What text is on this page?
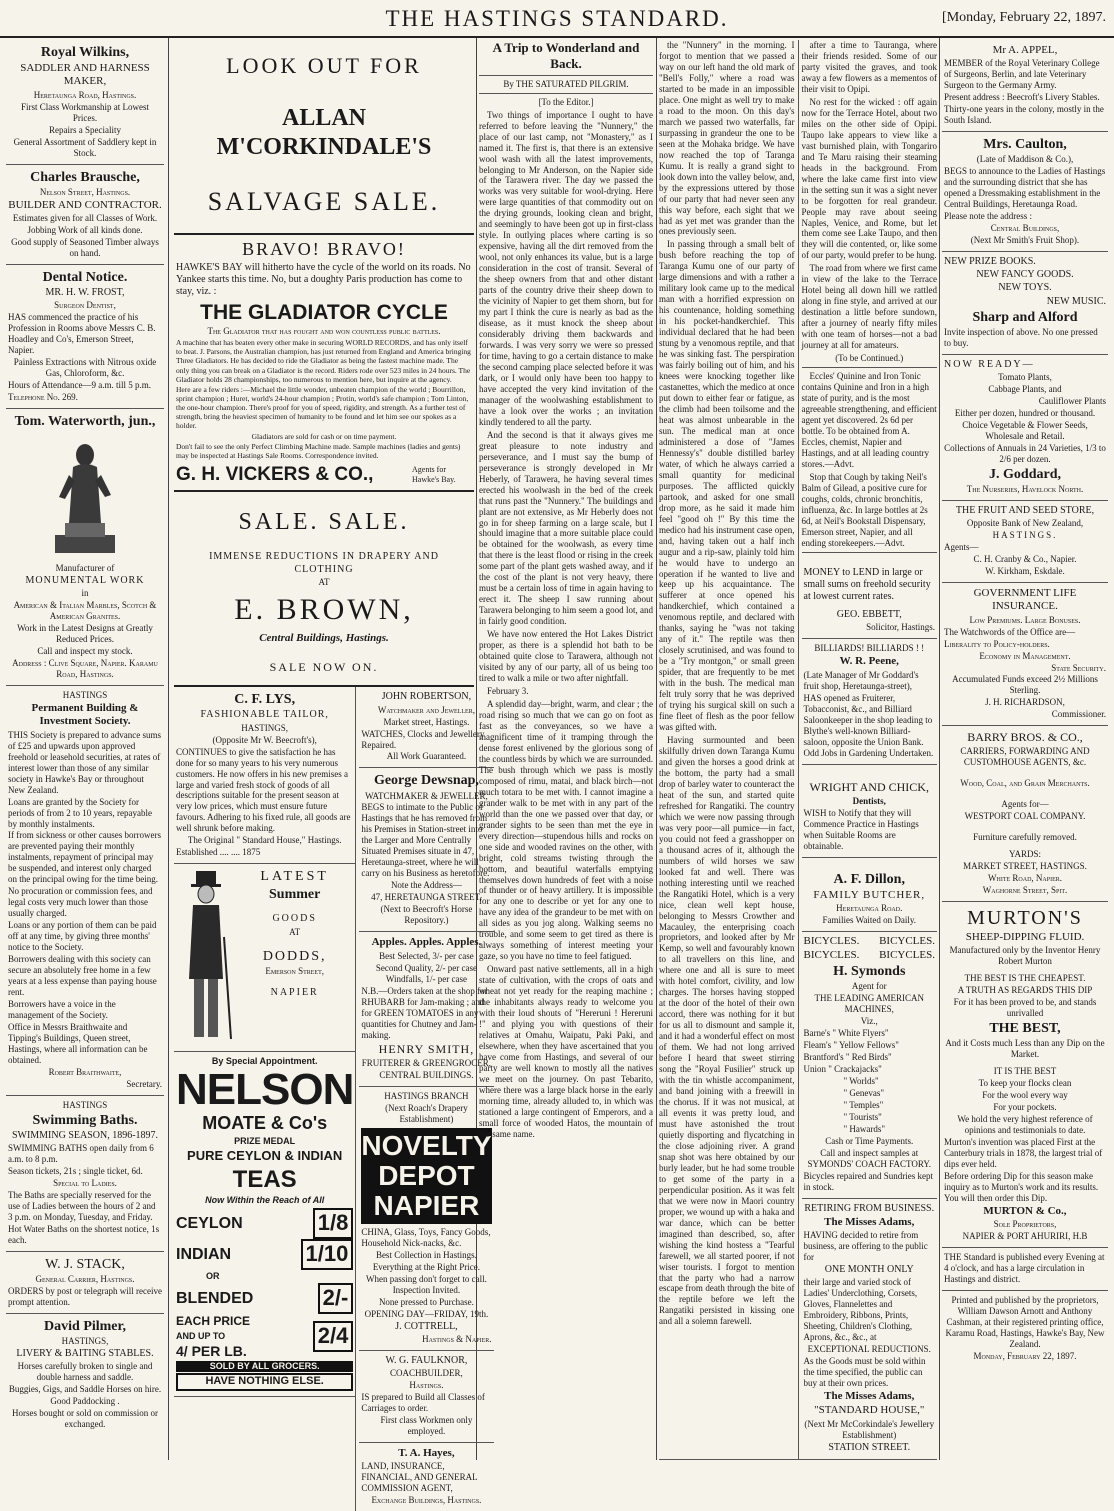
THE HASTINGS STANDARD.	[Monday, February 22, 1897.

Royal Wilkins,

SADDLER AND HARNESS MAKER,

Heretaunga Road, Hastings.

First Class Workmanship at Lowest Prices.

Repairs a Speciality

General Assortment of Saddlery kept in Stock.

Charles Brausche,

Nelson Street, Hastings.

BUILDER AND CONTRACTOR.

Estimates given for all Classes of Work.

Jobbing Work of all kinds done.

Good supply of Seasoned Timber always on hand.

Dental Notice.

MR. H. W. FROST,

Surgeon Dentist,

HAS commenced the practice of his Profession in Rooms above Messrs C. B. Hoadley and Co's, Emerson Street, Napier.

Painless Extractions with Nitrous oxide Gas, Chloroform, &c.

Hours of Attendance—9 a.m. till 5 p.m.

Telephone No. 269.

Tom. Waterworth, jun.,

Manufacturer of

MONUMENTAL WORK

in

American & Italian Marbles, Scotch & American Granites.

Work in the Latest Designs at Greatly Reduced Prices.

Call and inspect my stock.

Address : Clive Square, Napier. Karamu Road, Hastings.

HASTINGS

Permanent Building & Investment Society.

THIS Society is prepared to advance sums of £25 and upwards upon approved freehold or leasehold securities, at rates of interest lower than those of any similar society in Hawke's Bay or throughout New Zealand.

Loans are granted by the Society for periods of from 2 to 10 years, repayable by monthly instalments.

If from sickness or other causes borrowers are prevented paying their monthly instalments, repayment of principal may be suspended, and interest only charged on the principal owing for the time being.

No procuration or commission fees, and legal costs very much lower than those usually charged.

Loans or any portion of them can be paid off at any time, by giving three months' notice to the Society.

Borrowers dealing with this society can secure an absolutely free home in a few years at a less expense than paying house rent.

Borrowers have a voice in the management of the Society.

Office in Messrs Braithwaite and Tipping's Buildings, Queen street, Hastings, where all information can be obtained.

Robert Braithwaite,

Secretary.

HASTINGS

Swimming Baths.

SWIMMING SEASON, 1896-1897.

SWIMMING BATHS open daily from 6 a.m. to 8 p.m.

Season tickets, 21s ; single ticket, 6d.

Special to Ladies.

The Baths are specially reserved for the use of Ladies between the hours of 2 and 3 p.m. on Monday, Tuesday, and Friday.

Hot Water Baths on the shortest notice, 1s each.

W. J. STACK,

General Carrier, Hastings.

ORDERS by post or telegraph will receive prompt attention.

David Pilmer,

HASTINGS,

LIVERY & BAITING STABLES.

Horses carefully broken to single and double harness and saddle.

Buggies, Gigs, and Saddle Horses on hire.

Good Paddocking .

Horses bought or sold on commission or exchanged.

LOOK OUT FOR

ALLAN M'CORKINDALE'S

SALVAGE SALE.

BRAVO! BRAVO!

HAWKE'S BAY will hitherto have the cycle of the world on its roads. No Yankee starts this time. No, but a doughty Paris production has come to stay, viz. :

THE GLADIATOR CYCLE

The Gladiator that has fought and won countless public battles.

A machine that has beaten every other make in securing WORLD RECORDS, and has only itself to beat. J. Parsons, the Australian champion, has just returned from England and America bringing Three Gladiators. He has decided to ride the Gladiator as being the fastest machine made. The only thing you can break on a Gladiator is the record. Riders rode over 523 miles in 24 hours. The Gladiator holds 28 championships, too numerous to mention here, but inquire at the agency.

Here are a few riders :—Michael the little wonder, unbeaten champion of the world ; Bourrillon, sprint champion ; Huret, world's 24-hour champion ; Protin, world's safe champion ; Tom Linton, the one-hour champion. There's proof for you of speed, rigidity, and strength. As a further test of strength, bring the heaviest specimen of humanity to be found and let him see our spokes as a holder.

Gladiators are sold for cash or on time payment.

Don't fail to see the only Perfect Climbing Machine made. Sample machines (ladies and gents) may be inspected at Hastings Sale Rooms. Correspondence invited.

G. H. VICKERS & CO.,	Agents for Hawke's Bay.

SALE. SALE.

IMMENSE REDUCTIONS IN DRAPERY AND CLOTHING

AT

E. BROWN,

Central Buildings, Hastings.

SALE NOW ON.

C. F. LYS,

FASHIONABLE TAILOR,

HASTINGS,

(Opposite Mr W. Beecroft's),

CONTINUES to give the satisfaction he has done for so many years to his very numerous customers. He now offers in his new premises a large and varied fresh stock of goods of all descriptions suitable for the present season at very low prices, which must ensure future favours. Adhering to his fixed rule, all goods are well shrunk before making.

The Original " Standard House," Hastings.

Established .... .... 1875

LATEST

Summer

GOODS

AT

DODDS,

Emerson Street,

NAPIER

By Special Appointment.

NELSON

MOATE & Co's

PRIZE MEDAL

PURE CEYLON & INDIAN

TEAS

Now Within the Reach of All

CEYLON	1/8
INDIAN	1/10

OR

BLENDED	2/-
EACH PRICE
AND UP TO
4/ PER LB.
2/4

SOLD BY ALL GROCERS.

HAVE NOTHING ELSE.

JOHN ROBERTSON,

Watchmaker and Jeweller,

Market street, Hastings.

WATCHES, Clocks and Jewellery Repaired.

All Work Guaranteed.

George Dewsnap,

WATCHMAKER & JEWELLER,

BEGS to intimate to the Public of Hastings that he has removed from his Premises in Station-street into the Larger and More Centrally Situated Premises situate in 47, Heretaunga-street, where he will carry on his Business as heretofore.

Note the Address—

47, HERETAUNGA STREET,

(Next to Beecroft's Horse Repository.)

Apples. Apples. Apples.

Best Selected, 3/- per case

Second Quality, 2/- per case

Windfalls, 1/- per case

N.B.—Orders taken at the shop for RHUBARB for Jam-making ; and for GREEN TOMATOES in any quantities for Chutney and Jam-making.

HENRY SMITH,

FRUITERER & GREENGROCER,

CENTRAL BUILDINGS.

HASTINGS BRANCH

(Next Roach's Drapery Establishment)

NOVELTY
DEPOT
NAPIER

CHINA, Glass, Toys, Fancy Goods, Household Nick-nacks, &c.

Best Collection in Hastings.

Everything at the Right Price.

When passing don't forget to call. Inspection Invited.

None pressed to Purchase.

OPENING DAY—FRIDAY, 19th.

J. COTTRELL,

Hastings & Napier.

W. G. FAULKNOR,

COACHBUILDER,

Hastings.

IS prepared to Build all Classes of Carriages to order.

First class Workmen only employed.

T. A. Hayes,

LAND, INSURANCE, FINANCIAL, AND GENERAL COMMISSION AGENT,

Exchange Buildings, Hastings.

A Trip to Wonderland and Back.

By THE SATURATED PILGRIM.

[To the Editor.]

Two things of importance I ought to have referred to before leaving the "Nunnery," the place of our last camp, not "Monastery," as I named it. The first is, that there is an extensive wool wash with all the latest improvements, belonging to Mr Anderson, on the Napier side of the Tarawera river. The day we passed the works was very suitable for wool-drying. Here were large quantities of that commodity out on the drying grounds, looking clean and bright, and seemingly to have been got up in first-class style. In outlying places where carting is so expensive, having all the dirt removed from the wool, not only enhances its value, but is a large consideration in the cost of transit. Several of the sheep owners from that and other distant parts of the country drive their sheep down to the vicinity of Napier to get them shorn, but for my part I think the cure is nearly as bad as the disease, as it must knock the sheep about considerably driving them backwards and forwards. I was very sorry we were so pressed for time, having to go a certain distance to make the second camping place selected before it was dark, or I would only have been too happy to have accepted the very kind invitation of the manager of the woolwashing establishment to have a look over the works ; an invitation kindly tendered to all the party.

And the second is that it always gives me great pleasure to note industry and perseverance, and I must say the bump of perseverance is strongly developed in Mr Heberly, of Tarawera, he having several times erected his woolwash in the bed of the creek that runs past the "Nunnery." The buildings and plant are not extensive, as Mr Heberly does not go in for sheep farming on a large scale, but I should imagine that a more suitable place could be obtained for the woolwash, as every time that there is the least flood or rising in the creek some part of the plant gets washed away, and if the cost of the plant is not very heavy, there must be a certain loss of time in again having to erect it. The sheep I saw running about Tarawera belonging to him seem a good lot, and in fairly good condition.

We have now entered the Hot Lakes District proper, as there is a splendid hot bath to be obtained quite close to Tarawera, although not visited by any of our party, all of us being too tired to walk a mile or two after nightfall.

February 3.

A splendid day—bright, warm, and clear ; the road rising so much that we can go on foot as fast as the conveyances, so we have a magnificent time of it tramping through the dense forest enlivened by the glorious song of the countless birds by which we are surrounded. The bush through which we pass is mostly composed of rimu, matai, and black birch—not much totara to be met with. I cannot imagine a grander walk to be met with in any part of the world than the one we passed over that day, or grander sights to be seen than met the eye in every direction—stupendous hills and rocks on one side and wooded ravines on the other, with bright, cold streams twisting through the bottom, and beautiful waterfalls emptying themselves down hundreds of feet with a noise of thunder or of heavy artillery. It is impossible for any one to describe or yet for any one to have any idea of the grandeur to be met with on all sides as you jog along. Walking seems no trouble, and some seem to get tired as there is always something of interest meeting your gaze, so you have no time to feel fatigued.

Onward past native settlements, all in a high state of cultivation, with the crops of oats and wheat not yet ready for the reaping machine ; the inhabitants always ready to welcome you with their loud shouts of "Hereruni ! Hereruni !" and plying you with questions of their relatives at Omahu, Waipatu, Paki Paki, and elsewhere, when they have ascertained that you have come from Hastings, and several of our party are well known to mostly all the natives we meet on the journey. On past Tebarito, where there was a large black horse in the early morning time, already alluded to, in which was stationed a large contingent of Emperors, and a small force of wooded Hatos, the mountain of the same name.

the "Nunnery" in the morning. I forgot to mention that we passed a way on our left hand the old mark of "Bell's Folly," where a road was started to be made in an impossible place. One might as well try to make a road to the moon. On this day's march we passed two waterfalls, far surpassing in grandeur the one to be seen at the Mohaka bridge. We have now reached the top of Taranga Kumu. It is really a grand sight to look down into the valley below, and, by the expressions uttered by those of our party that had never seen any this way before, each sight that we had as yet met was grander than the ones previously seen.

In passing through a small belt of bush before reaching the top of Taranga Kumu one of our party of large dimensions and with a rather a military look came up to the medical man with a horrified expression on his countenance, holding something in his pocket-handkerchief. This individual declared that he had been stung by a venomous reptile, and that he was sinking fast. The perspiration was fairly boiling out of him, and his knees were knocking together like castanettes, which the medico at once put down to either fear or fatigue, as the climb had been toilsome and the heat was almost unbearable in the sun. The medical man at once administered a dose of "James Hennessy's" double distilled barley water, of which he always carried a small quantity for medicinal purposes. The afflicted quickly partook, and asked for one small drop more, as he said it made him feel "good oh !" By this time the medico had his instrument case open, and, having taken out a half inch augur and a rip-saw, plainly told him he would have to undergo an operation if he wanted to live and keep up his acquaintance. The sufferer at once opened his handkerchief, which contained a venomous reptile, and declared with thanks, saying he "was not taking any of it." The reptile was then closely scrutinised, and was found to be a "Try montgon," or small green spider, that are frequently to be met with in the bush. The medical man felt truly sorry that he was deprived of trying his surgical skill on such a fine fleet of flesh as the poor fellow was gifted with.

Having surmounted and been skilfully driven down Taranga Kumu and given the horses a good drink at the bottom, the party had a small drop of barley water to counteract the heat of the sun, and started quite refreshed for Rangatiki. The country which we were now passing through was very poor—all pumice—in fact, you could not feed a grasshopper on a thousand acres of it, although the numbers of wild horses we saw looked fat and well. There was nothing interesting until we reached the Rangatiki Hotel, which is a very nice, clean well kept house, belonging to Messrs Crowther and Macauley, the enterprising coach proprietors, and looked after by Mr Kemp, so well and favourably known to all travellers on this line, and where one and all is sure to meet with hotel comfort, civility, and low charges. The horses having stopped at the door of the hotel of their own accord, there was nothing for it but for us all to dismount and sample it, and it had a wonderful effect on most of them. We had not long arrived before I heard that sweet stirring song the "Royal Fusilier" struck up with the tin whistle accompaniment, and band joining with a freewill in the chorus. If it was not musical, at all events it was pretty loud, and must have astonished the trout quietly disporting and flycatching in the close adjoining river. A grand snap shot was here obtained by our burly leader, but he had some trouble to get some of the party in a perpendicular position. As it was felt that we were now in Maori country proper, we wound up with a haka and war dance, which can be better imagined than described, so, after wishing the kind hostess a "Tearful farewell, we all started poorer, if not wiser tourists. I forgot to mention that the party who had a narrow escape from death through the bite of the reptile before we left the Rangatiki persisted in kissing one and all a solemn farewell.

after a time to Tauranga, where their friends resided. Some of our party visited the graves, and took away a few flowers as a mementos of their visit to Opipi.

No rest for the wicked : off again now for the Terrace Hotel, about two miles on the other side of Opipi. Taupo lake appears to view like a vast burnished plain, with Tongariro and Te Maru raising their steaming heads in the background. From where the lake came first into view in the setting sun it was a sight never to be forgotten for real grandeur. People may rave about seeing Naples, Venice, and Rome, but let them come see Lake Taupo, and then they will die contented, or, like some of our party, would prefer to be hung.

The road from where we first came in view of the lake to the Terrace Hotel being all down hill we rattled along in fine style, and arrived at our destination a little before sundown, after a journey of nearly fifty miles with one team of horses—not a bad journey at all for amateurs.

(To be Continued.)

Eccles' Quinine and Iron Tonic contains Quinine and Iron in a high state of purity, and is the most agreeable strengthening, and efficient agent yet discovered. 2s 6d per bottle. To be obtained from A. Eccles, chemist, Napier and Hastings, and at all leading country stores.—Advt.

Stop that Cough by taking Neil's Balm of Gilead, a positive cure for coughs, colds, chronic bronchitis, influenza, &c. In large bottles at 2s 6d, at Neil's Bookstall Dispensary, Emerson street, Napier, and all ending storekeepers.—Advt.

MONEY to LEND in large or small sums on freehold security at lowest current rates.

GEO. EBBETT,

Solicitor, Hastings.

BILLIARDS! BILLIARDS ! !

W. R. Peene,

(Late Manager of Mr Goddard's fruit shop, Heretaunga-street),

HAS opened as Fruiterer, Tobacconist, &c., and Billiard Saloonkeeper in the shop leading to Blythe's well-known Billiard-saloon, opposite the Union Bank.

Odd Jobs in Gardening Undertaken.

WRIGHT AND CHICK,

Dentists,

WISH to Notify that they will Commence Practice in Hastings when Suitable Rooms are obtainable.

A. F. Dillon,

FAMILY BUTCHER,

Heretaunga Road.

Families Waited on Daily.

BICYCLES.
BICYCLES.
BICYCLES.
BICYCLES.

H. Symonds

Agent for

THE LEADING AMERICAN MACHINES,

Viz.,

Barne's " White Flyers"

Fleam's " Yellow Fellows"

Brantford's " Red Birds"

Union " Crackajacks"

" Worlds"

" Genevas"

" Temples"

" Tourists"

" Hawards"

Cash or Time Payments.

Call and inspect samples at SYMONDS' COACH FACTORY.

Bicycles repaired and Sundries kept in stock.

RETIRING FROM BUSINESS.

The Misses Adams,

HAVING decided to retire from business, are offering to the public for

ONE MONTH ONLY

their large and varied stock of Ladies' Underclothing, Corsets, Gloves, Flannelettes and Embroidery, Ribbons, Prints, Sheeting, Children's Clothing, Aprons, &c., &c., at

EXCEPTIONAL REDUCTIONS.

As the Goods must be sold within the time specified, the public can buy at their own prices.

The Misses Adams,

"STANDARD HOUSE,"

(Next Mr McCorkindale's Jewellery Establishment)

STATION STREET.

Mr A. APPEL,

MEMBER of the Royal Veterinary College of Surgeons, Berlin, and late Veterinary Surgeon to the Germany Army.

Present address : Beecroft's Livery Stables.

Thirty-one years in the colony, mostly in the South Island.

Mrs. Caulton,

(Late of Maddison & Co.),

BEGS to announce to the Ladies of Hastings and the surrounding district that she has opened a Dressmaking establishment in the Central Buildings, Heretaunga Road.

Please note the address :

Central Buildings,

(Next Mr Smith's Fruit Shop).

NEW PRIZE BOOKS.

NEW FANCY GOODS.

NEW TOYS.

NEW MUSIC.

Sharp and Alford

Invite inspection of above. No one pressed to buy.

NOW READY—

Tomato Plants,

Cabbage Plants, and

Cauliflower Plants

Either per dozen, hundred or thousand.

Choice Vegetable & Flower Seeds, Wholesale and Retail.

Collections of Annuals in 24 Varieties, 1/3 to 2/6 per dozen.

J. Goddard,

The Nurseries, Havelock North.

THE FRUIT AND SEED STORE,

Opposite Bank of New Zealand,

HASTINGS.

Agents—

C. H. Cranby & Co., Napier.

W. Kirkham, Eskdale.

GOVERNMENT LIFE INSURANCE.

Low Premiums. Large Bonuses.

The Watchwords of the Office are—

Liberality to Policy-holders.

Economy in Management.

State Security.

Accumulated Funds exceed 2½ Millions Sterling.

J. H. RICHARDSON,

Commissioner.

BARRY BROS. & CO.,

CARRIERS, FORWARDING AND CUSTOMHOUSE AGENTS, &c.

Wood, Coal, and Grain Merchants.

Agents for—

WESTPORT COAL COMPANY.

Furniture carefully removed.

YARDS:

MARKET STREET, HASTINGS.

White Road, Napier.

Waghorne Street, Spit.

MURTON'S

SHEEP-DIPPING FLUID.

Manufactured only by the Inventor Henry Robert Murton

THE BEST IS THE CHEAPEST.

A TRUTH AS REGARDS THIS DIP

For it has been proved to be, and stands unrivalled

THE BEST,

And it Costs much Less than any Dip on the Market.

IT IS THE BEST

To keep your flocks clean

For the wool every way

For your pockets.

We hold the very highest reference of opinions and testimonials to date.

Murton's invention was placed First at the Canterbury trials in 1878, the largest trial of dips ever held.

Before ordering Dip for this season make inquiry as to Murton's work and its results. You will then order this Dip.

MURTON & Co.,

Sole Proprietors,

NAPIER & PORT AHURIRI, H.B

THE Standard is published every Evening at 4 o'clock, and has a large circulation in Hastings and district.

Printed and published by the proprietors, William Dawson Arnott and Anthony Cashman, at their registered printing office, Karamu Road, Hastings, Hawke's Bay, New Zealand.

Monday, February 22, 1897.
